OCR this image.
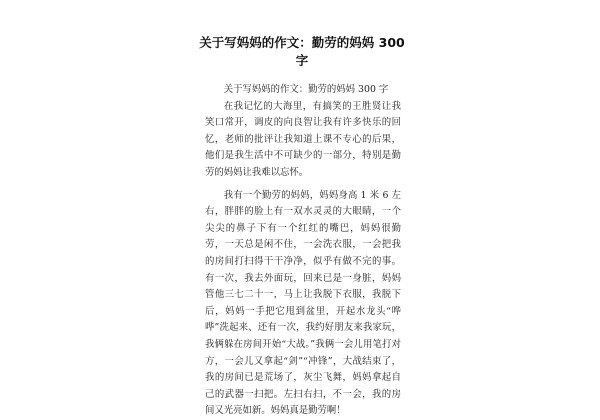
关于写妈妈的作文：勤劳的妈妈 300 字

关于写妈妈的作文：勤劳的妈妈 300 字

在我记忆的大海里，有搞笑的王胜贤让我笑口常开，调皮的向良智让我有许多快乐的回忆，老师的批评让我知道上课不专心的后果，他们是我生活中不可缺少的一部分，特别是勤劳的妈妈让我难以忘怀。

我有一个勤劳的妈妈，妈妈身高 1 米 6 左右，胖胖的脸上有一双水灵灵的大眼睛，一个尖尖的鼻子下有一个红红的嘴巴，妈妈很勤劳，一天总是闲不住，一会洗衣服，一会把我的房间打扫得干干净净，似乎有做不完的事。有一次，我去外面玩，回来已是一身脏，妈妈管他三七二十一，马上让我脱下衣服，我脱下后，妈妈一手把它甩到盆里，开起水龙头“哗哗”洗起来、还有一次，我约好朋友来我家玩，我俩躲在房间开始“大战。”我俩一会儿用笔打对方，一会儿又拿起“剑”“冲锋”，大战结束了，我的房间已是荒场了，灰尘飞舞，妈妈拿起自己的武器一扫把。左扫右扫，不一会，我的房间又光亮如新。妈妈真是勤劳啊！
